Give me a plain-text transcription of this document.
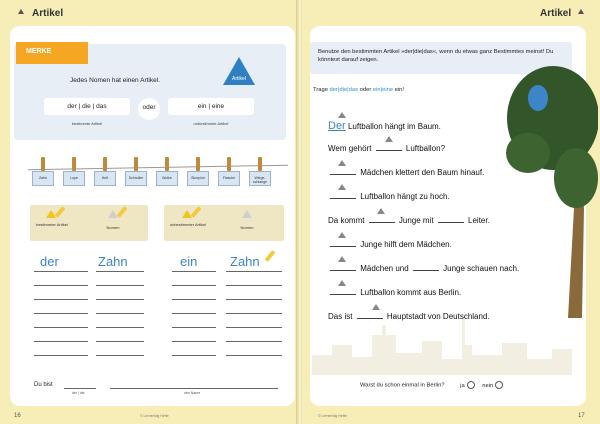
Artikel	Artikel
MERKE
Jedes Nomen hat einen Artikel.	Artikel
der | die | das	oder	ein | eine
bestimmte Artikel	unbestimmte Artikel
Zahn	Lupe	Heft	Schnuller	Wolke	Skorpion	Flasche	Wiegeschlange
bestimmter Artikel
Nomen
unbestimmter Artikel
Nomen
der	Zahn	ein	Zahn
Du bist
der | die	den Name
16	© Lernerfolg Hefte
Benutze den bestimmten Artikel »der|die|das«, wenn du etwas ganz Bestimmtes meinst! Du könntest darauf zeigen.
Trage der|die|das oder ein|eine ein!
Der Luftballon hängt im Baum.
Wem gehört	Luftballon?
Mädchen klettert den Baum hinauf.
Luftballon hängt zu hoch.
Da kommt	Junge mit	Leiter.
Junge hilft dem Mädchen.
Mädchen und	Junge schauen nach.
Luftballon kommt aus Berlin.
Das ist	Hauptstadt von Deutschland.
Warst du schon einmal in Berlin?	ja	nein
17
© Lernerfolg Hefte
